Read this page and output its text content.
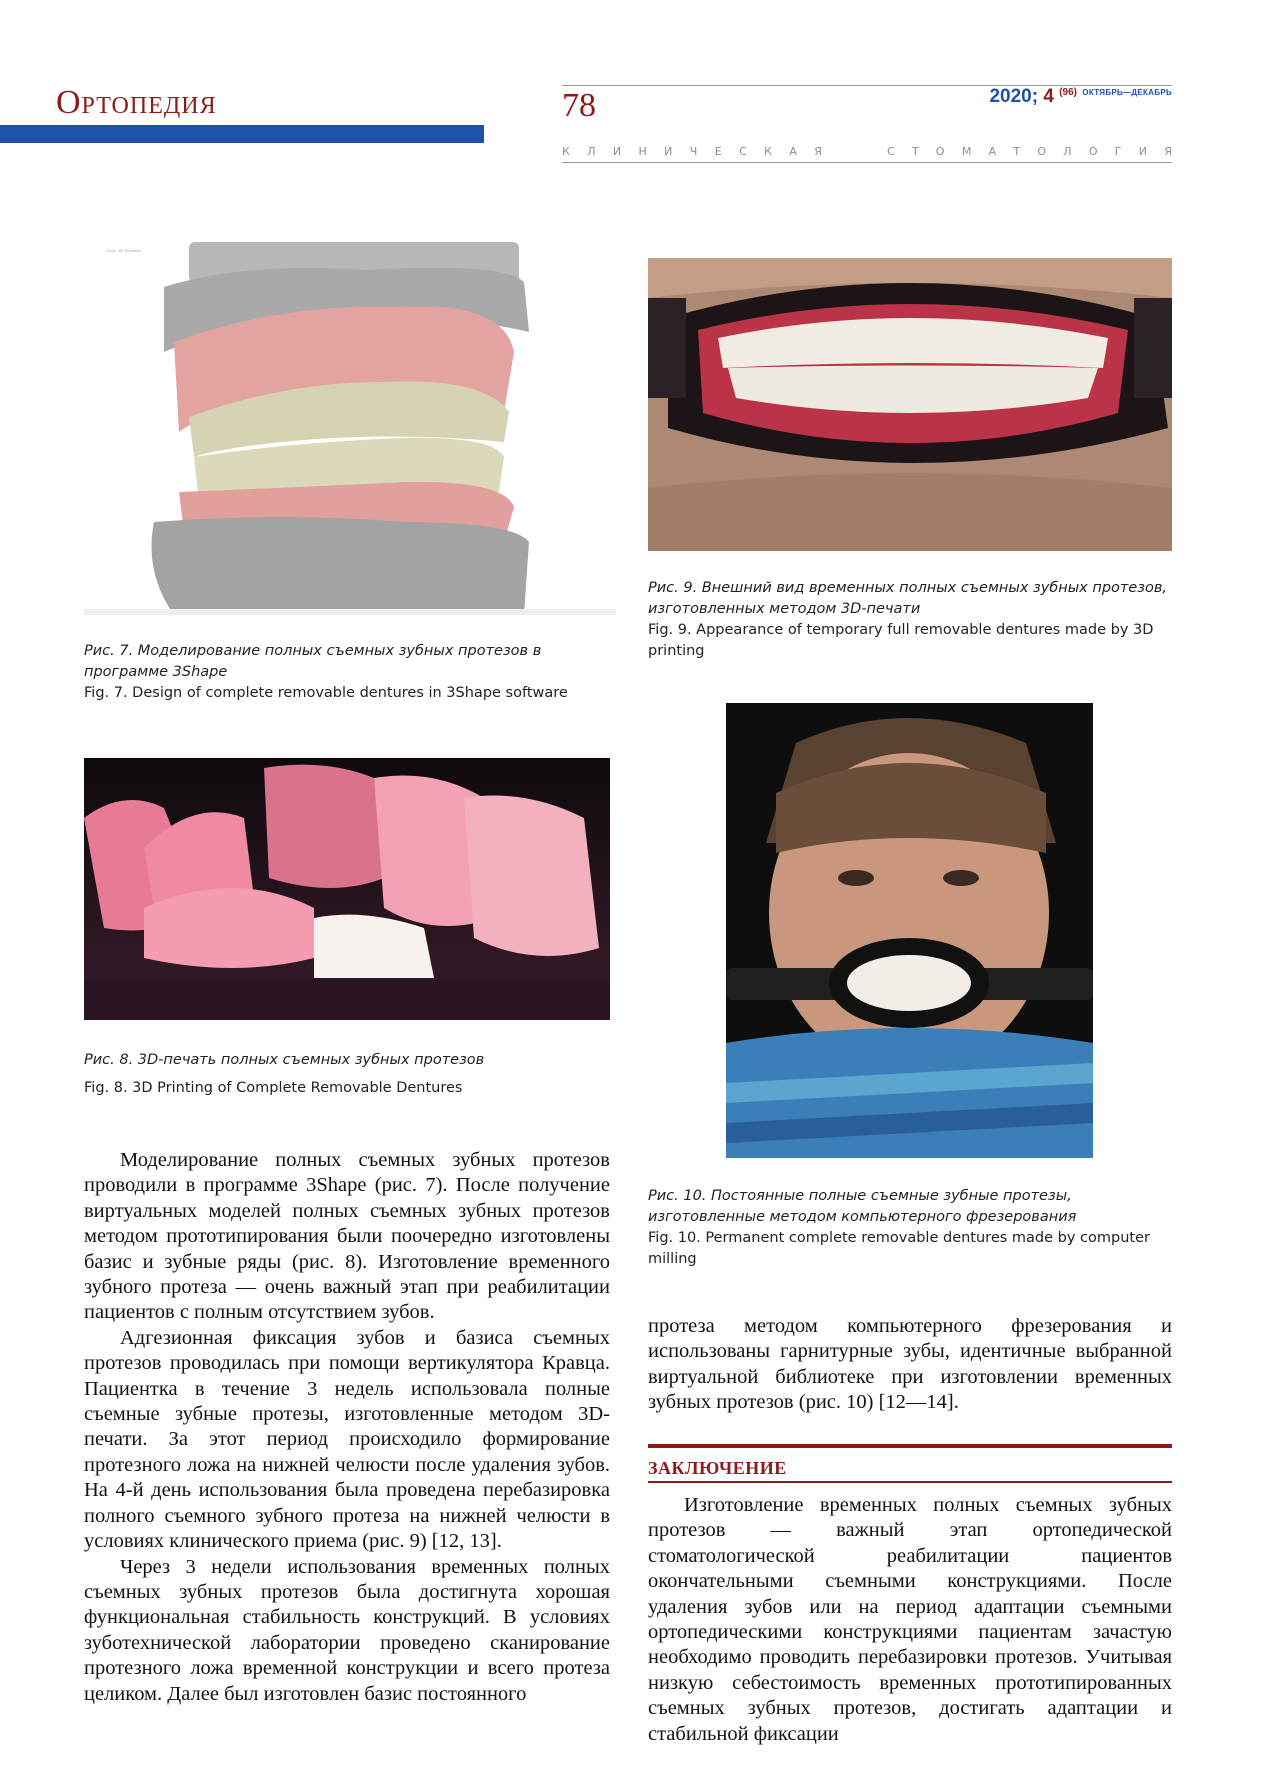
Ортопедия	78	2020; 4 $^{(96)}$ $^{ОКТЯБРЬ—ДЕКАБРЬ}$
К Л И Н И Ч Е С К А Я	С Т О М А Т О Л О Г И Я
Trios 3D Preview
Рис. 7. Моделирование полных съемных зубных протезов в программе 3Shape
Fig. 7. Design of complete removable dentures in 3Shape software
Рис. 8. 3D-печать полных съемных зубных протезов
Fig. 8. 3D Printing of Complete Removable Dentures
Рис. 9. Внешний вид временных полных съемных зубных протезов, изготовленных методом 3D-печати
Fig. 9. Appearance of temporary full removable dentures made by 3D printing
Рис. 10. Постоянные полные съемные зубные протезы, изготовленные методом компьютерного фрезерования
Fig. 10. Permanent complete removable dentures made by computer milling

Моделирование полных съемных зубных протезов проводили в программе 3Shape (рис. 7). После получение виртуальных моделей полных съемных зубных протезов методом прототипирования были поочередно изготовлены базис и зубные ряды (рис. 8). Изготовление временного зубного протеза — очень важный этап при реабилитации пациентов с полным отсутствием зубов.

Адгезионная фиксация зубов и базиса съемных протезов проводилась при помощи вертикулятора Кравца. Пациентка в течение 3 недель использовала полные съемные зубные протезы, изготовленные методом 3D-печати. За этот период происходило формирование протезного ложа на нижней челюсти после удаления зубов. На 4-й день использования была проведена перебазировка полного съемного зубного протеза на нижней челюсти в условиях клинического приема (рис. 9) [12, 13].

Через 3 недели использования временных полных съемных зубных протезов была достигнута хорошая функциональная стабильность конструкций. В условиях зуботехнической лаборатории проведено сканирование протезного ложа временной конструкции и всего протеза целиком. Далее был изготовлен базис постоянного

протеза методом компьютерного фрезерования и использованы гарнитурные зубы, идентичные выбранной виртуальной библиотеке при изготовлении временных зубных протезов (рис. 10) [12—14].

ЗАКЛЮЧЕНИЕ

Изготовление временных полных съемных зубных протезов — важный этап ортопедической стоматологической реабилитации пациентов окончательными съемными конструкциями. После удаления зубов или на период адаптации съемными ортопедическими конструкциями пациентам зачастую необходимо проводить перебазировки протезов. Учитывая низкую себестоимость временных прототипированных съемных зубных протезов, достигать адаптации и стабильной фиксации
